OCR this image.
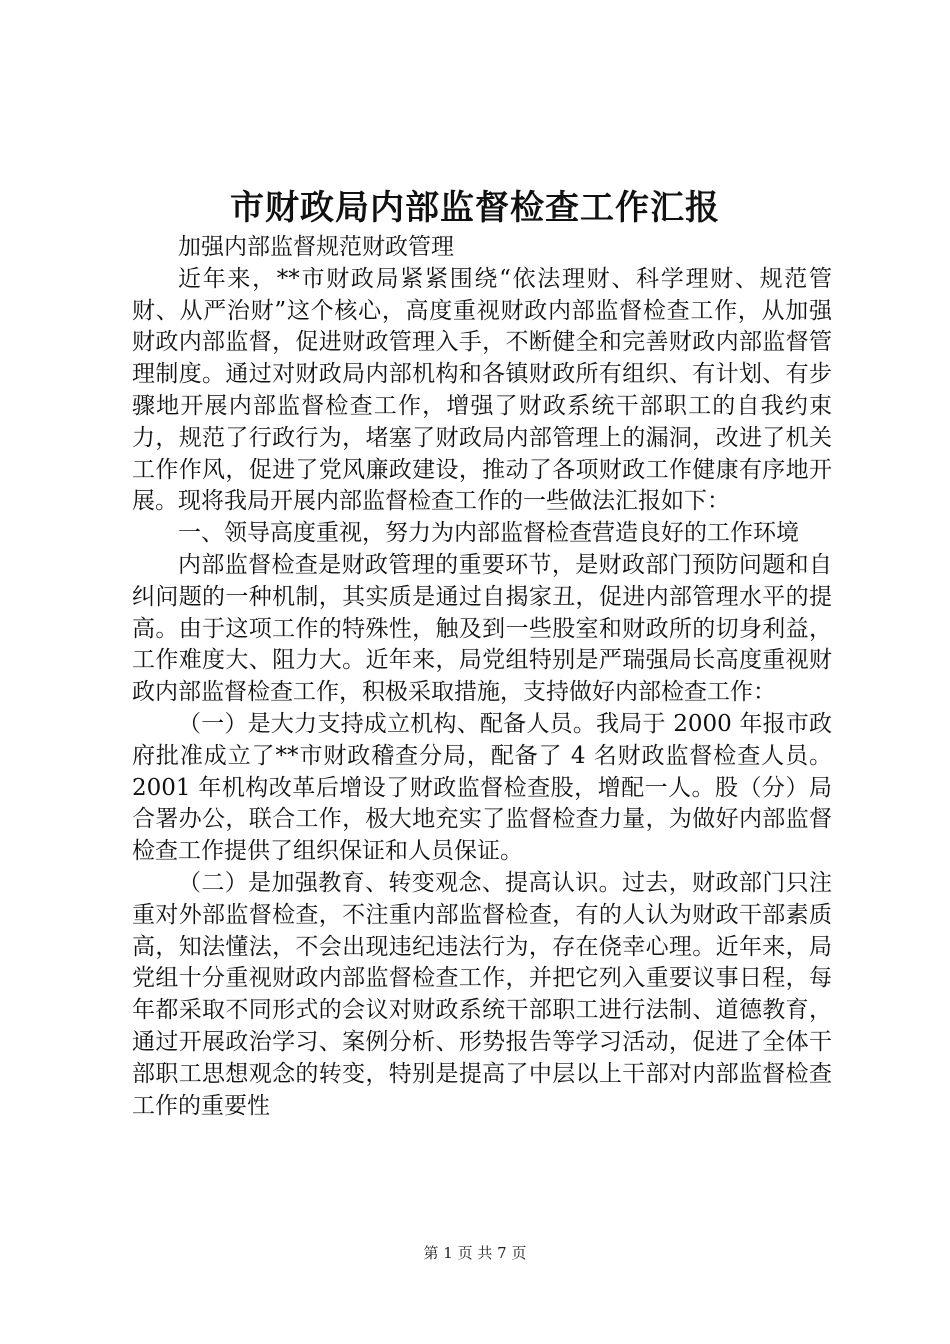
市财政局内部监督检查工作汇报

加强内部监督规范财政管理

近年来，**市财政局紧紧围绕“依法理财、科学理财、规范管财、从严治财”这个核心，高度重视财政内部监督检查工作，从加强财政内部监督，促进财政管理入手，不断健全和完善财政内部监督管理制度。通过对财政局内部机构和各镇财政所有组织、有计划、有步骤地开展内部监督检查工作，增强了财政系统干部职工的自我约束力，规范了行政行为，堵塞了财政局内部管理上的漏洞，改进了机关工作作风，促进了党风廉政建设，推动了各项财政工作健康有序地开展。现将我局开展内部监督检查工作的一些做法汇报如下：

一、领导高度重视，努力为内部监督检查营造良好的工作环境

内部监督检查是财政管理的重要环节，是财政部门预防问题和自纠问题的一种机制，其实质是通过自揭家丑，促进内部管理水平的提高。由于这项工作的特殊性，触及到一些股室和财政所的切身利益，工作难度大、阻力大。近年来，局党组特别是严瑞强局长高度重视财政内部监督检查工作，积极采取措施，支持做好内部检查工作：

（一）是大力支持成立机构、配备人员。我局于 2000 年报市政府批准成立了**市财政稽查分局，配备了 4 名财政监督检查人员。2001 年机构改革后增设了财政监督检查股，增配一人。股（分）局合署办公，联合工作，极大地充实了监督检查力量，为做好内部监督检查工作提供了组织保证和人员保证。

（二）是加强教育、转变观念、提高认识。过去，财政部门只注重对外部监督检查，不注重内部监督检查，有的人认为财政干部素质高，知法懂法，不会出现违纪违法行为，存在侥幸心理。近年来，局党组十分重视财政内部监督检查工作，并把它列入重要议事日程，每年都采取不同形式的会议对财政系统干部职工进行法制、道德教育，通过开展政治学习、案例分析、形势报告等学习活动，促进了全体干部职工思想观念的转变，特别是提高了中层以上干部对内部监督检查工作的重要性

第 1 页 共 7 页
